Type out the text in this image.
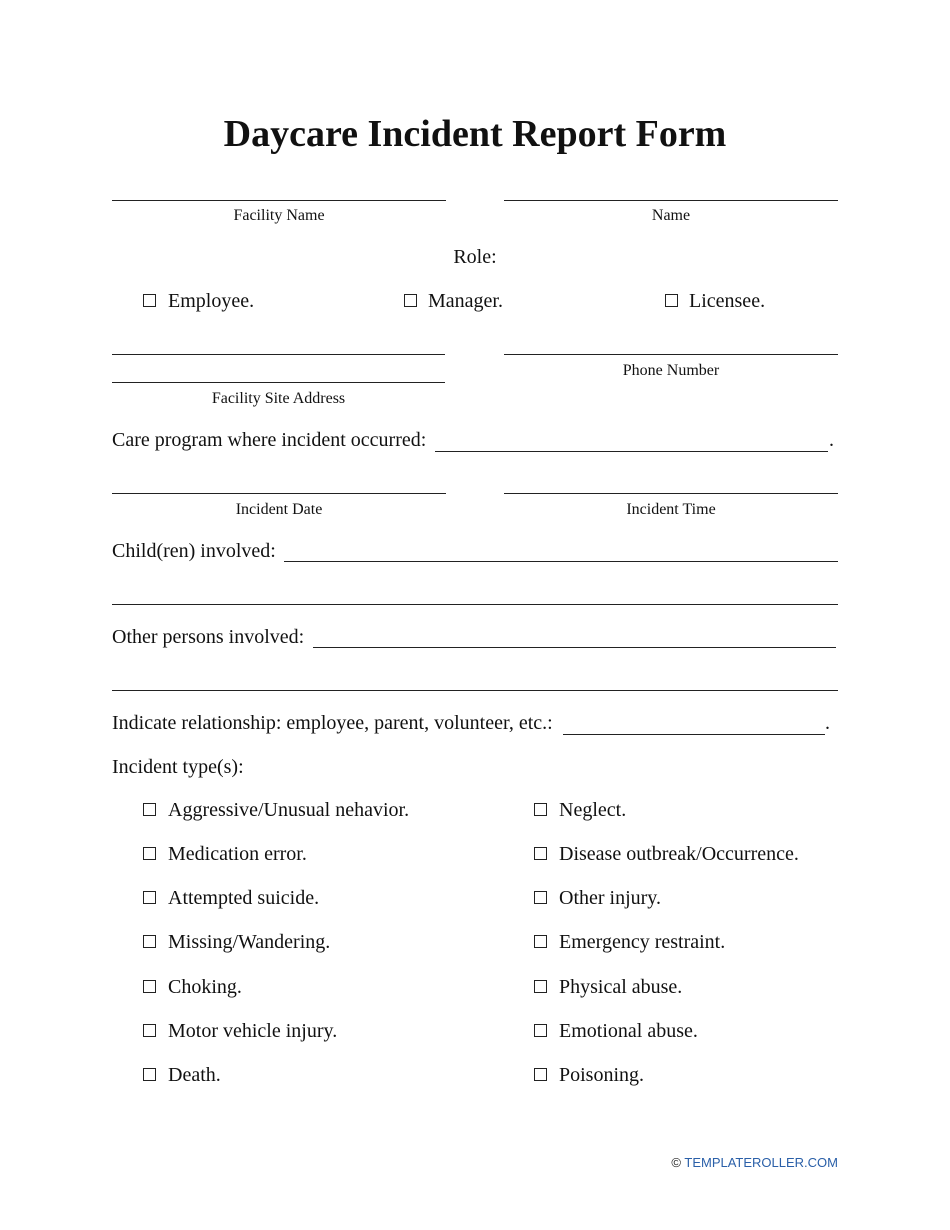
Daycare Incident Report Form
Facility Name	Name
Role:
Employee.	Manager.	Licensee.
Facility Site Address
Phone Number
Care program where incident occurred:	.
Incident Date	Incident Time
Child(ren) involved:
Other persons involved:
Indicate relationship: employee, parent, volunteer, etc.:	.
Incident type(s):
Aggressive/Unusual nehavior.
Medication error.
Attempted suicide.
Missing/Wandering.
Choking.
Motor vehicle injury.
Death.
Neglect.
Disease outbreak/Occurrence.
Other injury.
Emergency restraint.
Physical abuse.
Emotional abuse.
Poisoning.
© TEMPLATEROLLER.COM
